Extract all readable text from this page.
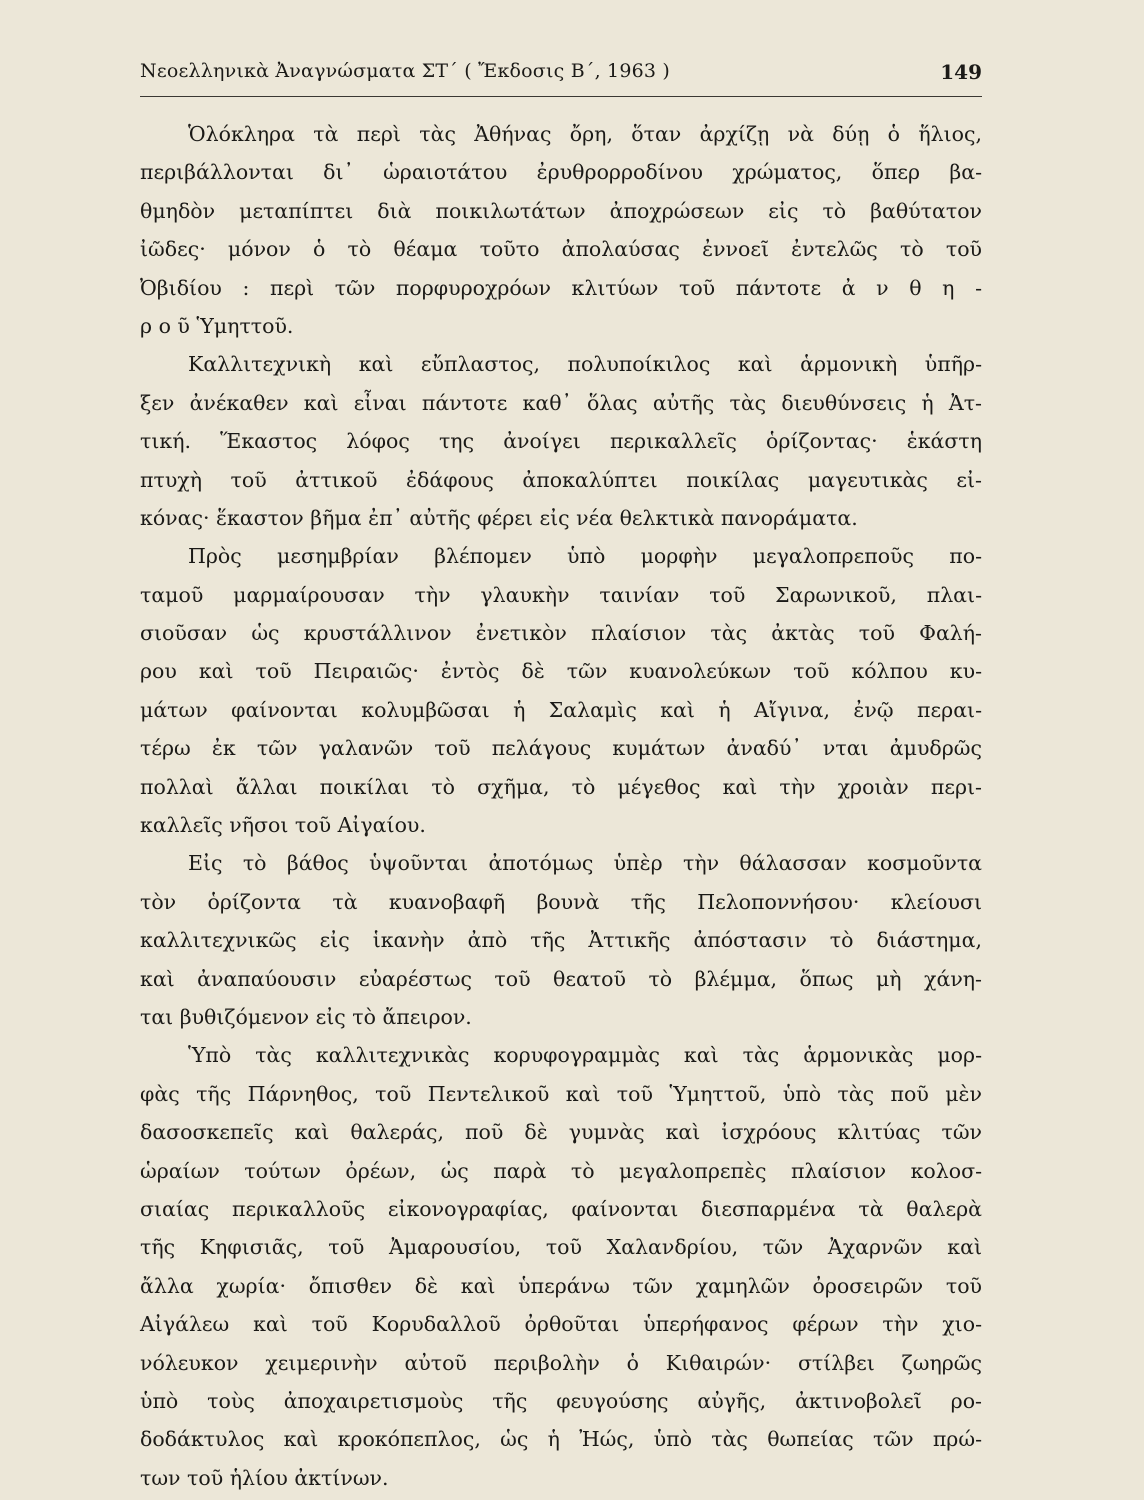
Νεοελληνικὰ Ἀναγνώσματα ΣΤ΄ ( Ἔκδοσις Β΄, 1963 )	149
Ὁλόκληρα τὰ περὶ τὰς Ἀθήνας ὄρη, ὅταν ἀρχίζῃ νὰ δύῃ ὁ ἥλιος,
περιβάλλονται δι᾽ ὡραιοτάτου ἐρυθρορροδίνου χρώματος, ὅπερ βα-
θμηδὸν μεταπίπτει διὰ ποικιλωτάτων ἀποχρώσεων εἰς τὸ βαθύτατον
ἰῶδες· μόνον ὁ τὸ θέαμα τοῦτο ἀπολαύσας ἐννοεῖ ἐντελῶς τὸ τοῦ
Ὀβιδίου : περὶ τῶν πορφυροχρόων κλιτύων τοῦ πάντοτε ἀ ν θ η -
ρ ο ῦ Ὑμηττοῦ.
Καλλιτεχνικὴ καὶ εὔπλαστος, πολυποίκιλος καὶ ἁρμονικὴ ὑπῆρ-
ξεν ἀνέκαθεν καὶ εἶναι πάντοτε καθ᾽ ὅλας αὐτῆς τὰς διευθύνσεις ἡ Ἀτ-
τική. Ἕκαστος λόφος της ἀνοίγει περικαλλεῖς ὁρίζοντας· ἑκάστη
πτυχὴ τοῦ ἀττικοῦ ἐδάφους ἀποκαλύπτει ποικίλας μαγευτικὰς εἰ-
κόνας· ἕκαστον βῆμα ἐπ᾽ αὐτῆς φέρει εἰς νέα θελκτικὰ πανοράματα.
Πρὸς μεσημβρίαν βλέπομεν ὑπὸ μορφὴν μεγαλοπρεποῦς πο-
ταμοῦ μαρμαίρουσαν τὴν γλαυκὴν ταινίαν τοῦ Σαρωνικοῦ, πλαι-
σιοῦσαν ὡς κρυστάλλινον ἐνετικὸν πλαίσιον τὰς ἀκτὰς τοῦ Φαλή-
ρου καὶ τοῦ Πειραιῶς· ἐντὸς δὲ τῶν κυανολεύκων τοῦ κόλπου κυ-
μάτων φαίνονται κολυμβῶσαι ἡ Σαλαμὶς καὶ ἡ Αἴγινα, ἐνῷ περαι-
τέρω ἐκ τῶν γαλανῶν τοῦ πελάγους κυμάτων ἀναδύ᾿ νται ἀμυδρῶς
πολλαὶ ἄλλαι ποικίλαι τὸ σχῆμα, τὸ μέγεθος καὶ τὴν χροιὰν περι-
καλλεῖς νῆσοι τοῦ Αἰγαίου.
Εἰς τὸ βάθος ὑψοῦνται ἀποτόμως ὑπὲρ τὴν θάλασσαν κοσμοῦντα
τὸν ὁρίζοντα τὰ κυανοβαφῆ βουνὰ τῆς Πελοποννήσου· κλείουσι
καλλιτεχνικῶς εἰς ἱκανὴν ἀπὸ τῆς Ἀττικῆς ἀπόστασιν τὸ διάστημα,
καὶ ἀναπαύουσιν εὐαρέστως τοῦ θεατοῦ τὸ βλέμμα, ὅπως μὴ χάνη-
ται βυθιζόμενον εἰς τὸ ἄπειρον.
Ὑπὸ τὰς καλλιτεχνικὰς κορυφογραμμὰς καὶ τὰς ἁρμονικὰς μορ-
φὰς τῆς Πάρνηθος, τοῦ Πεντελικοῦ καὶ τοῦ Ὑμηττοῦ, ὑπὸ τὰς ποῦ μὲν
δασοσκεπεῖς καὶ θαλεράς, ποῦ δὲ γυμνὰς καὶ ἰσχρόους κλιτύας τῶν
ὡραίων τούτων ὀρέων, ὡς παρὰ τὸ μεγαλοπρεπὲς πλαίσιον κολοσ-
σιαίας περικαλλοῦς εἰκονογραφίας, φαίνονται διεσπαρμένα τὰ θαλερὰ
τῆς Κηφισιᾶς, τοῦ Ἀμαρουσίου, τοῦ Χαλανδρίου, τῶν Ἀχαρνῶν καὶ
ἄλλα χωρία· ὄπισθεν δὲ καὶ ὑπεράνω τῶν χαμηλῶν ὀροσειρῶν τοῦ
Αἰγάλεω καὶ τοῦ Κορυδαλλοῦ ὀρθοῦται ὑπερήφανος φέρων τὴν χιο-
νόλευκον χειμερινὴν αὐτοῦ περιβολὴν ὁ Κιθαιρών· στίλβει ζωηρῶς
ὑπὸ τοὺς ἀποχαιρετισμοὺς τῆς φευγούσης αὐγῆς, ἀκτινοβολεῖ ρο-
δοδάκτυλος καὶ κροκόπεπλος, ὡς ἡ Ἠώς, ὑπὸ τὰς θωπείας τῶν πρώ-
των τοῦ ἡλίου ἀκτίνων.
